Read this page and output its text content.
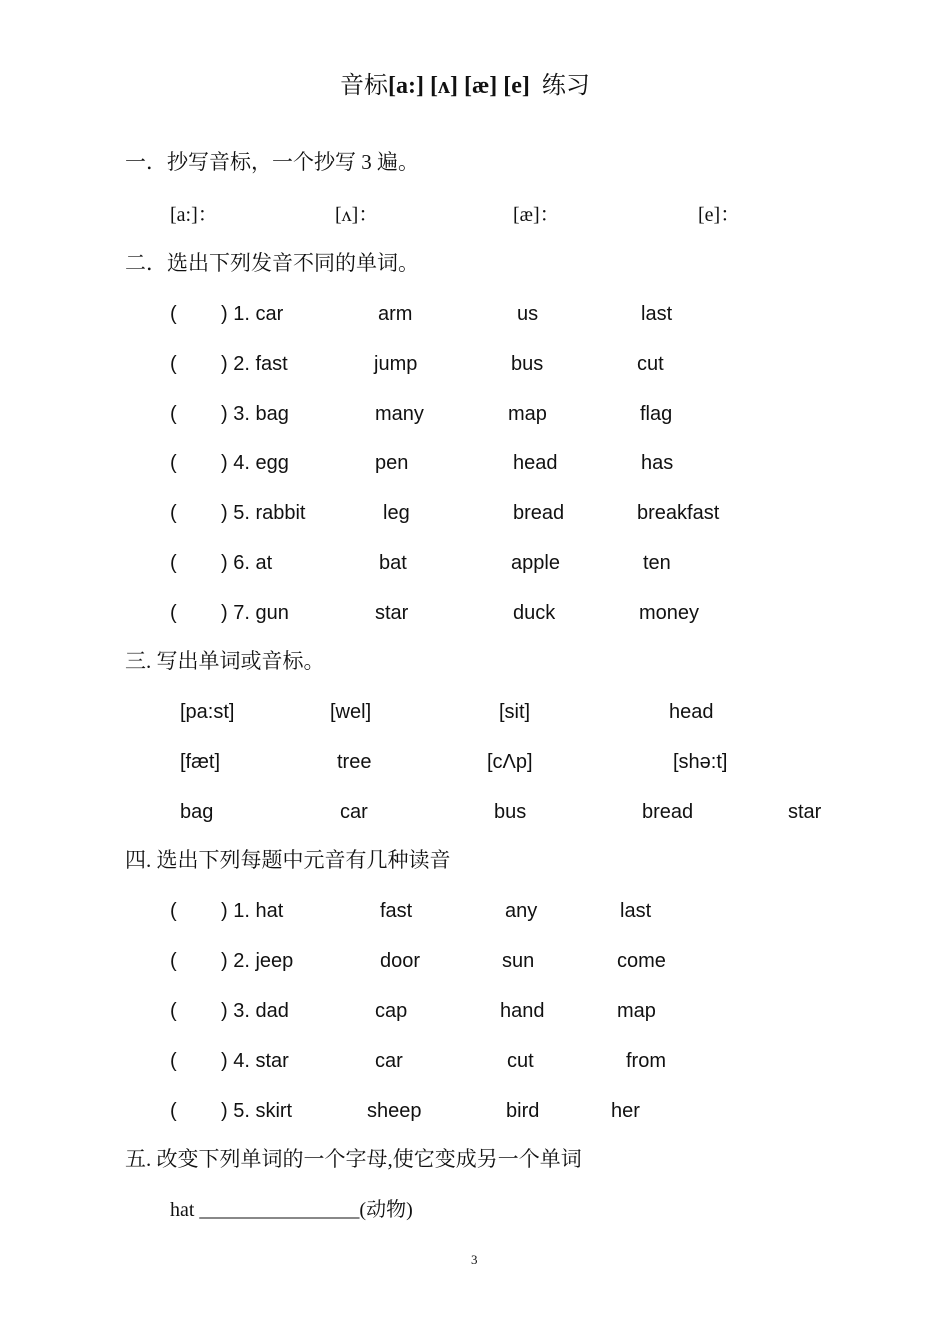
音标[a:] [ʌ] [æ] [e] 练习
一．抄写音标，一个抄写 3 遍。
[a:]：	[ʌ]：	[æ]：	[e]：
二．选出下列发音不同的单词。
( ) 1. car	arm	us	last
( ) 2. fast	jump	bus	cut
( ) 3. bag	many	map	flag
( ) 4. egg	pen	head	has
( ) 5. rabbit	leg	bread	breakfast
( ) 6. at	bat	apple	ten
( ) 7. gun	star	duck	money
三. 写出单词或音标。
[pa:st]	[wel]	[sit]	head
[fæt]	tree	[cΛp]	[shə:t]
bag	car	bus	bread	star
四. 选出下列每题中元音有几种读音
( ) 1. hat	fast	any	last
( ) 2. jeep	door	sun	come
( ) 3. dad	cap	hand	map
( ) 4. star	car	cut	from
( ) 5. skirt	sheep	bird	her
五. 改变下列单词的一个字母,使它变成另一个单词
hat ________________(动物)
3
